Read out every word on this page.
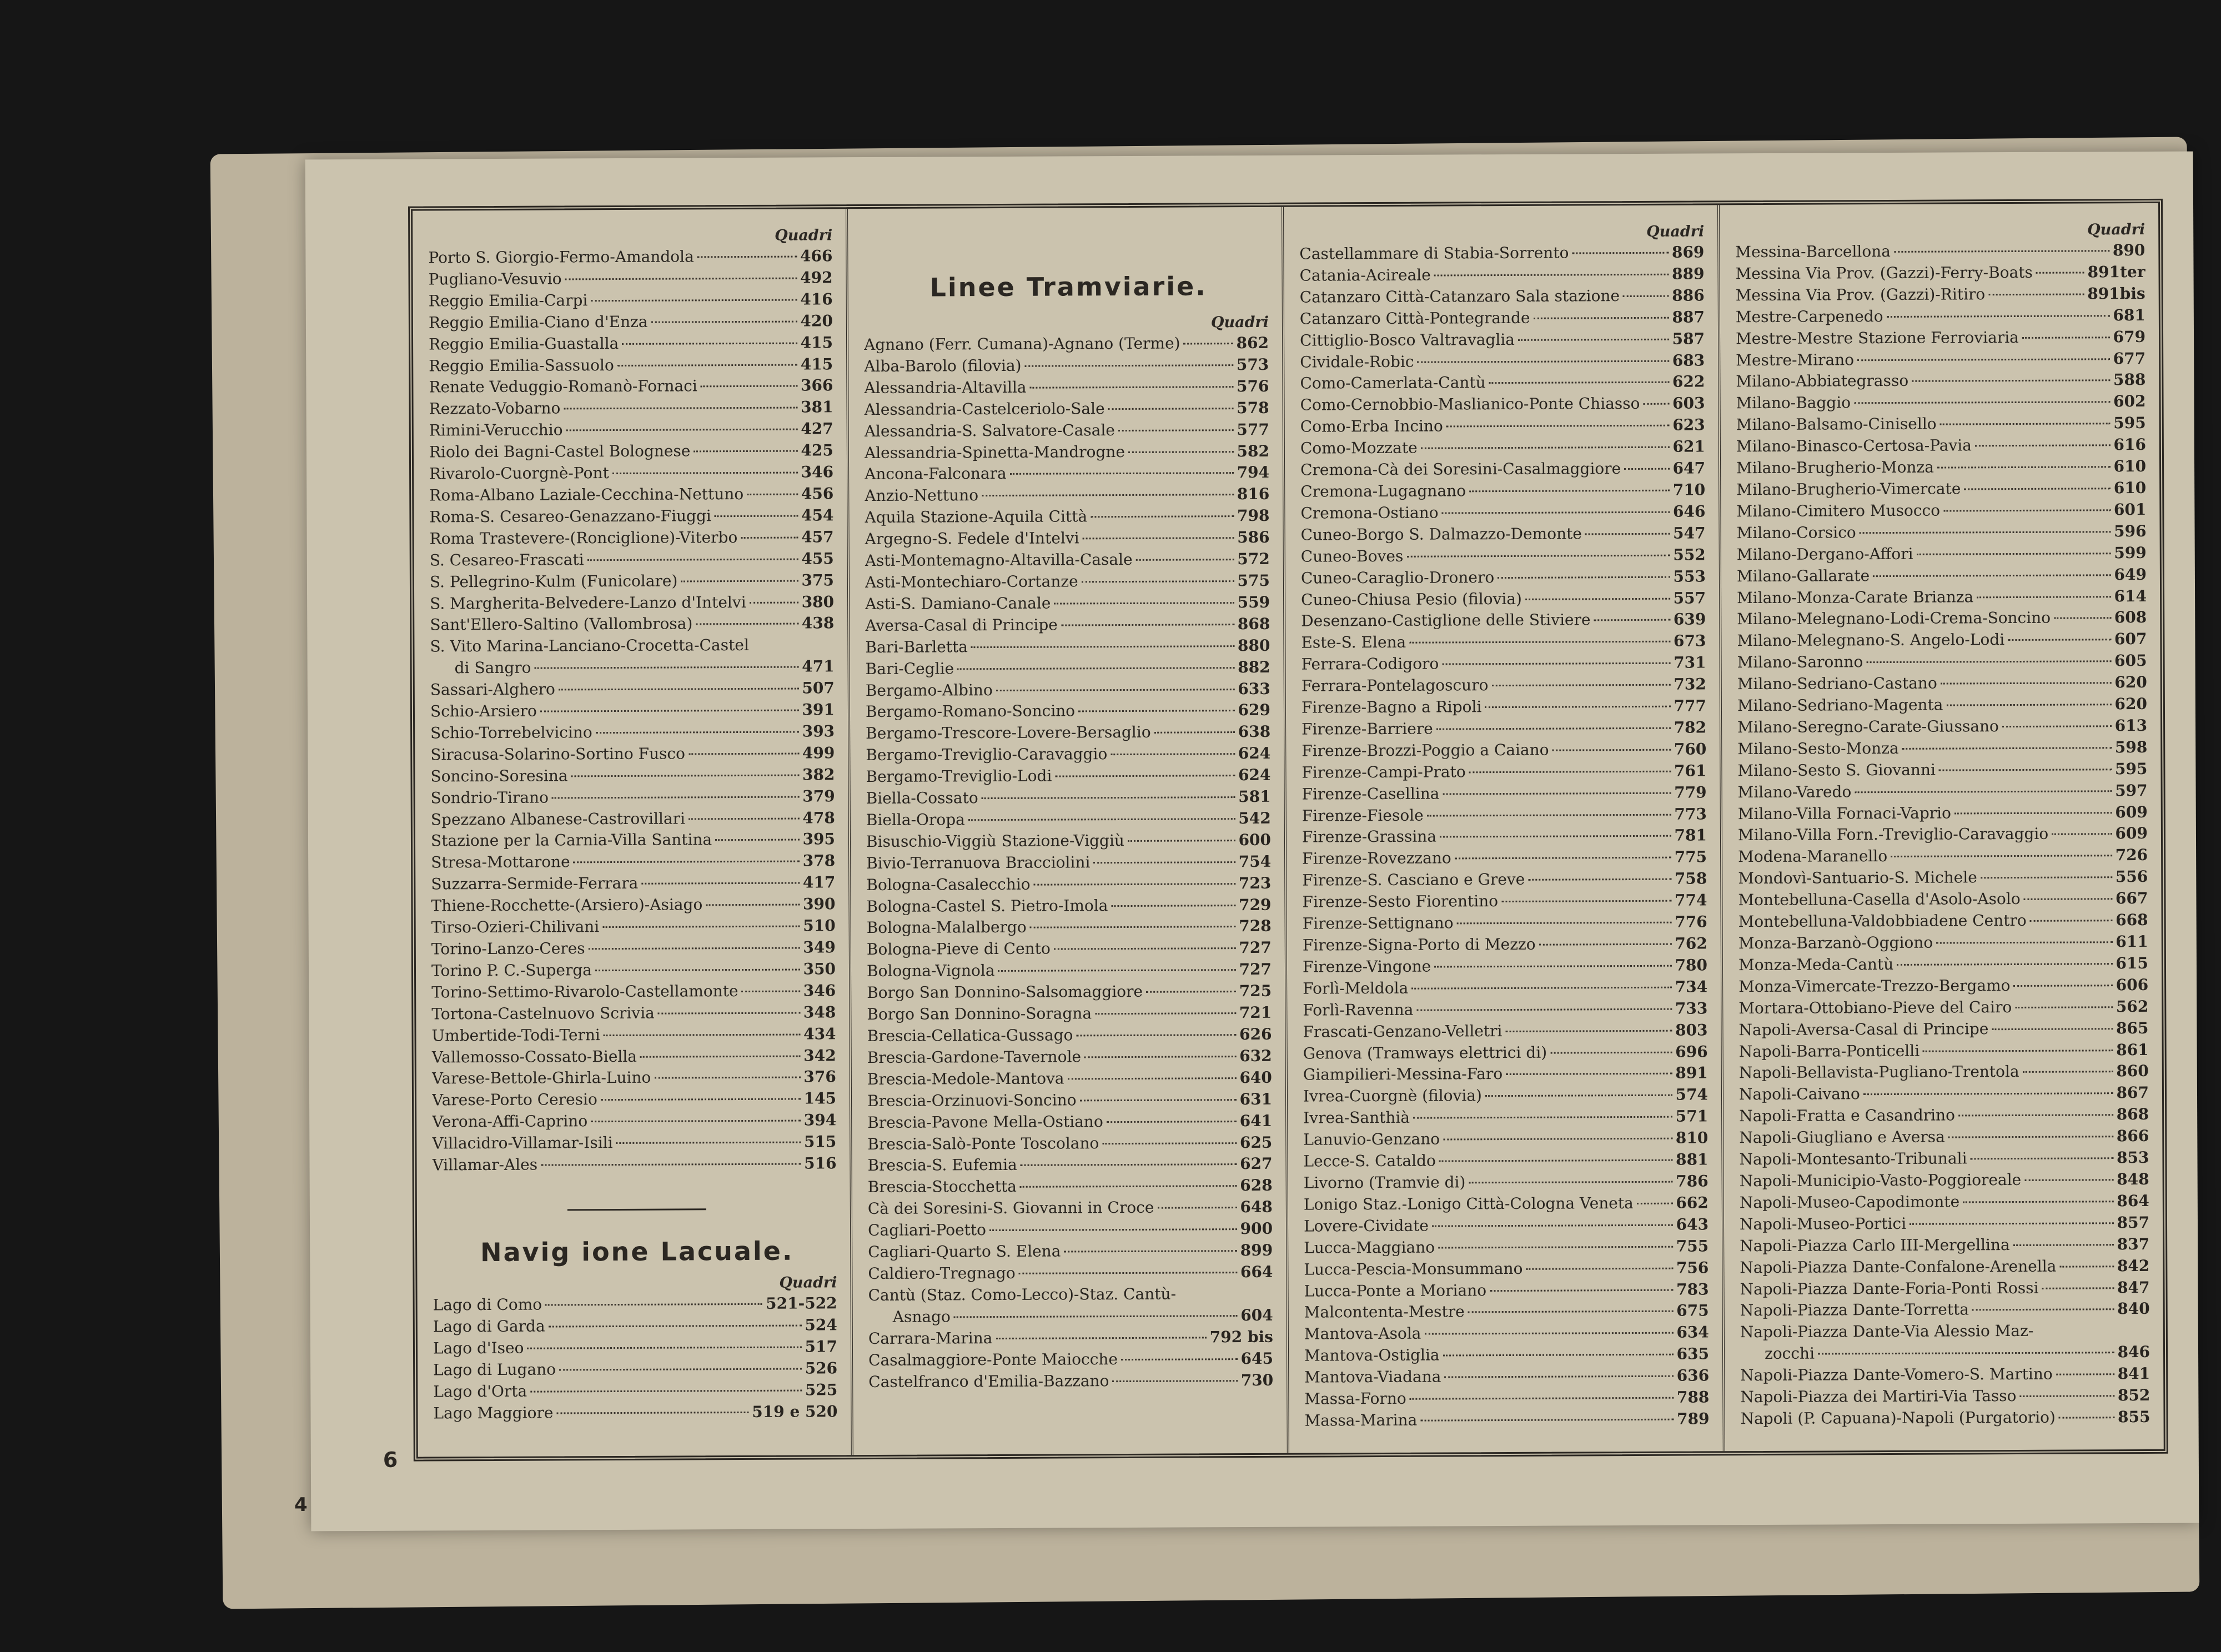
4
6
Quadri
Porto S. Giorgio-Fermo-Amandola	466
Pugliano-Vesuvio	492
Reggio Emilia-Carpi	416
Reggio Emilia-Ciano d'Enza	420
Reggio Emilia-Guastalla	415
Reggio Emilia-Sassuolo	415
Renate Veduggio-Romanò-Fornaci	366
Rezzato-Vobarno	381
Rimini-Verucchio	427
Riolo dei Bagni-Castel Bolognese	425
Rivarolo-Cuorgnè-Pont	346
Roma-Albano Laziale-Cecchina-Nettuno	456
Roma-S. Cesareo-Genazzano-Fiuggi	454
Roma Trastevere-(Ronciglione)-Viterbo	457
S. Cesareo-Frascati	455
S. Pellegrino-Kulm (Funicolare)	375
S. Margherita-Belvedere-Lanzo d'Intelvi	380
Sant'Ellero-Saltino (Vallombrosa)	438
S. Vito Marina-Lanciano-Crocetta-Castel
di Sangro	471
Sassari-Alghero	507
Schio-Arsiero	391
Schio-Torrebelvicino	393
Siracusa-Solarino-Sortino Fusco	499
Soncino-Soresina	382
Sondrio-Tirano	379
Spezzano Albanese-Castrovillari	478
Stazione per la Carnia-Villa Santina	395
Stresa-Mottarone	378
Suzzarra-Sermide-Ferrara	417
Thiene-Rocchette-(Arsiero)-Asiago	390
Tirso-Ozieri-Chilivani	510
Torino-Lanzo-Ceres	349
Torino P. C.-Superga	350
Torino-Settimo-Rivarolo-Castellamonte	346
Tortona-Castelnuovo Scrivia	348
Umbertide-Todi-Terni	434
Vallemosso-Cossato-Biella	342
Varese-Bettole-Ghirla-Luino	376
Varese-Porto Ceresio	145
Verona-Affi-Caprino	394
Villacidro-Villamar-Isili	515
Villamar-Ales	516
Navig ione Lacuale.
Quadri
Lago di Como	521-522
Lago di Garda	524
Lago d'Iseo	517
Lago di Lugano	526
Lago d'Orta	525
Lago Maggiore	519 e 520
Linee Tramviarie.
Quadri
Agnano (Ferr. Cumana)-Agnano (Terme)	862
Alba-Barolo (filovia)	573
Alessandria-Altavilla	576
Alessandria-Castelceriolo-Sale	578
Alessandria-S. Salvatore-Casale	577
Alessandria-Spinetta-Mandrogne	582
Ancona-Falconara	794
Anzio-Nettuno	816
Aquila Stazione-Aquila Città	798
Argegno-S. Fedele d'Intelvi	586
Asti-Montemagno-Altavilla-Casale	572
Asti-Montechiaro-Cortanze	575
Asti-S. Damiano-Canale	559
Aversa-Casal di Principe	868
Bari-Barletta	880
Bari-Ceglie	882
Bergamo-Albino	633
Bergamo-Romano-Soncino	629
Bergamo-Trescore-Lovere-Bersaglio	638
Bergamo-Treviglio-Caravaggio	624
Bergamo-Treviglio-Lodi	624
Biella-Cossato	581
Biella-Oropa	542
Bisuschio-Viggiù Stazione-Viggiù	600
Bivio-Terranuova Bracciolini	754
Bologna-Casalecchio	723
Bologna-Castel S. Pietro-Imola	729
Bologna-Malalbergo	728
Bologna-Pieve di Cento	727
Bologna-Vignola	727
Borgo San Donnino-Salsomaggiore	725
Borgo San Donnino-Soragna	721
Brescia-Cellatica-Gussago	626
Brescia-Gardone-Tavernole	632
Brescia-Medole-Mantova	640
Brescia-Orzinuovi-Soncino	631
Brescia-Pavone Mella-Ostiano	641
Brescia-Salò-Ponte Toscolano	625
Brescia-S. Eufemia	627
Brescia-Stocchetta	628
Cà dei Soresini-S. Giovanni in Croce	648
Cagliari-Poetto	900
Cagliari-Quarto S. Elena	899
Caldiero-Tregnago	664
Cantù (Staz. Como-Lecco)-Staz. Cantù-
Asnago	604
Carrara-Marina	792 bis
Casalmaggiore-Ponte Maiocche	645
Castelfranco d'Emilia-Bazzano	730
Quadri
Castellammare di Stabia-Sorrento	869
Catania-Acireale	889
Catanzaro Città-Catanzaro Sala stazione	886
Catanzaro Città-Pontegrande	887
Cittiglio-Bosco Valtravaglia	587
Cividale-Robic	683
Como-Camerlata-Cantù	622
Como-Cernobbio-Maslianico-Ponte Chiasso 603
Como-Erba Incino	623
Como-Mozzate	621
Cremona-Cà dei Soresini-Casalmaggiore	647
Cremona-Lugagnano	710
Cremona-Ostiano	646
Cuneo-Borgo S. Dalmazzo-Demonte	547
Cuneo-Boves	552
Cuneo-Caraglio-Dronero	553
Cuneo-Chiusa Pesio (filovia)	557
Desenzano-Castiglione delle Stiviere	639
Este-S. Elena	673
Ferrara-Codigoro	731
Ferrara-Pontelagoscuro	732
Firenze-Bagno a Ripoli	777
Firenze-Barriere	782
Firenze-Brozzi-Poggio a Caiano	760
Firenze-Campi-Prato	761
Firenze-Casellina	779
Firenze-Fiesole	773
Firenze-Grassina	781
Firenze-Rovezzano	775
Firenze-S. Casciano e Greve	758
Firenze-Sesto Fiorentino	774
Firenze-Settignano	776
Firenze-Signa-Porto di Mezzo	762
Firenze-Vingone	780
Forlì-Meldola	734
Forlì-Ravenna	733
Frascati-Genzano-Velletri	803
Genova (Tramways elettrici di)	696
Giampilieri-Messina-Faro	891
Ivrea-Cuorgnè (filovia)	574
Ivrea-Santhià	571
Lanuvio-Genzano	810
Lecce-S. Cataldo	881
Livorno (Tramvie di)	786
Lonigo Staz.-Lonigo Città-Cologna Veneta	662
Lovere-Cividate	643
Lucca-Maggiano	755
Lucca-Pescia-Monsummano	756
Lucca-Ponte a Moriano	783
Malcontenta-Mestre	675
Mantova-Asola	634
Mantova-Ostiglia	635
Mantova-Viadana	636
Massa-Forno	788
Massa-Marina	789
Quadri
Messina-Barcellona	890
Messina Via Prov. (Gazzi)-Ferry-Boats	891ter
Messina Via Prov. (Gazzi)-Ritiro	891bis
Mestre-Carpenedo	681
Mestre-Mestre Stazione Ferroviaria	679
Mestre-Mirano	677
Milano-Abbiategrasso	588
Milano-Baggio	602
Milano-Balsamo-Cinisello	595
Milano-Binasco-Certosa-Pavia	616
Milano-Brugherio-Monza	610
Milano-Brugherio-Vimercate	610
Milano-Cimitero Musocco	601
Milano-Corsico	596
Milano-Dergano-Affori	599
Milano-Gallarate	649
Milano-Monza-Carate Brianza	614
Milano-Melegnano-Lodi-Crema-Soncino	608
Milano-Melegnano-S. Angelo-Lodi	607
Milano-Saronno	605
Milano-Sedriano-Castano	620
Milano-Sedriano-Magenta	620
Milano-Seregno-Carate-Giussano	613
Milano-Sesto-Monza	598
Milano-Sesto S. Giovanni	595
Milano-Varedo	597
Milano-Villa Fornaci-Vaprio	609
Milano-Villa Forn.-Treviglio-Caravaggio	609
Modena-Maranello	726
Mondovì-Santuario-S. Michele	556
Montebelluna-Casella d'Asolo-Asolo	667
Montebelluna-Valdobbiadene Centro	668
Monza-Barzanò-Oggiono	611
Monza-Meda-Cantù	615
Monza-Vimercate-Trezzo-Bergamo	606
Mortara-Ottobiano-Pieve del Cairo	562
Napoli-Aversa-Casal di Principe	865
Napoli-Barra-Ponticelli	861
Napoli-Bellavista-Pugliano-Trentola	860
Napoli-Caivano	867
Napoli-Fratta e Casandrino	868
Napoli-Giugliano e Aversa	866
Napoli-Montesanto-Tribunali	853
Napoli-Municipio-Vasto-Poggioreale	848
Napoli-Museo-Capodimonte	864
Napoli-Museo-Portici	857
Napoli-Piazza Carlo III-Mergellina	837
Napoli-Piazza Dante-Confalone-Arenella	842
Napoli-Piazza Dante-Foria-Ponti Rossi	847
Napoli-Piazza Dante-Torretta	840
Napoli-Piazza Dante-Via Alessio Maz-
zocchi	846
Napoli-Piazza Dante-Vomero-S. Martino	841
Napoli-Piazza dei Martiri-Via Tasso	852
Napoli (P. Capuana)-Napoli (Purgatorio)	855
